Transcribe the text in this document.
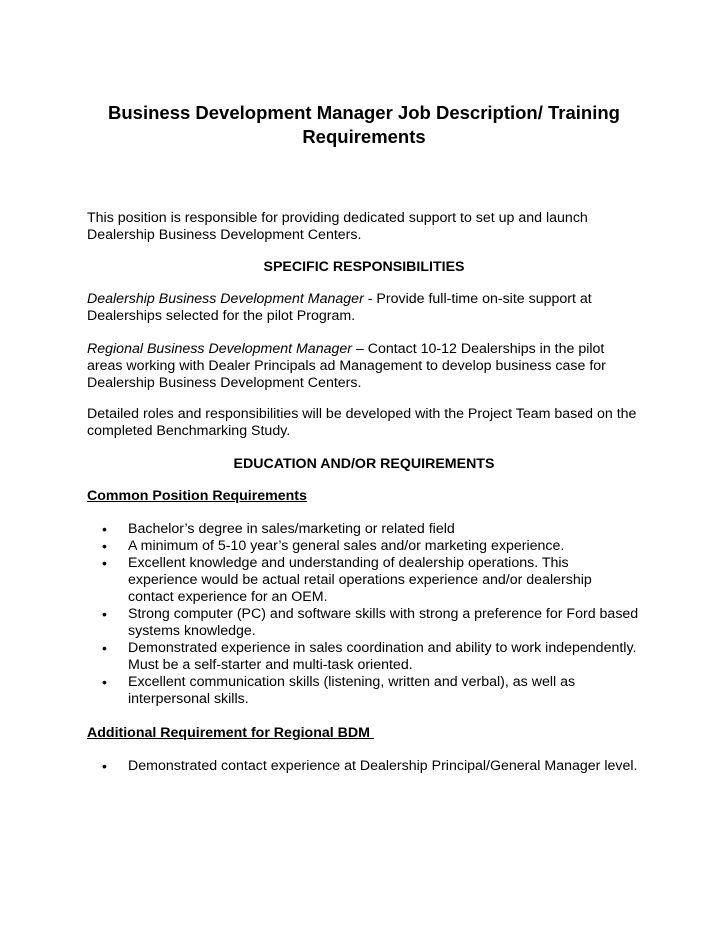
Business Development Manager Job Description/ Training
Requirements

This position is responsible for providing dedicated support to set up and launch
Dealership Business Development Centers.

SPECIFIC RESPONSIBILITIES

Dealership Business Development Manager - Provide full-time on-site support at
Dealerships selected for the pilot Program.

Regional Business Development Manager – Contact 10-12 Dealerships in the pilot
areas working with Dealer Principals ad Management to develop business case for
Dealership Business Development Centers.

Detailed roles and responsibilities will be developed with the Project Team based on the
completed Benchmarking Study.

EDUCATION AND/OR REQUIREMENTS

Common Position Requirements

• Bachelor’s degree in sales/marketing or related field
• A minimum of 5-10 year’s general sales and/or marketing experience.
• Excellent knowledge and understanding of dealership operations. This
experience would be actual retail operations experience and/or dealership
contact experience for an OEM.
• Strong computer (PC) and software skills with strong a preference for Ford based
systems knowledge.
• Demonstrated experience in sales coordination and ability to work independently.
Must be a self-starter and multi-task oriented.
• Excellent communication skills (listening, written and verbal), as well as
interpersonal skills.

Additional Requirement for Regional BDM

• Demonstrated contact experience at Dealership Principal/General Manager level.
